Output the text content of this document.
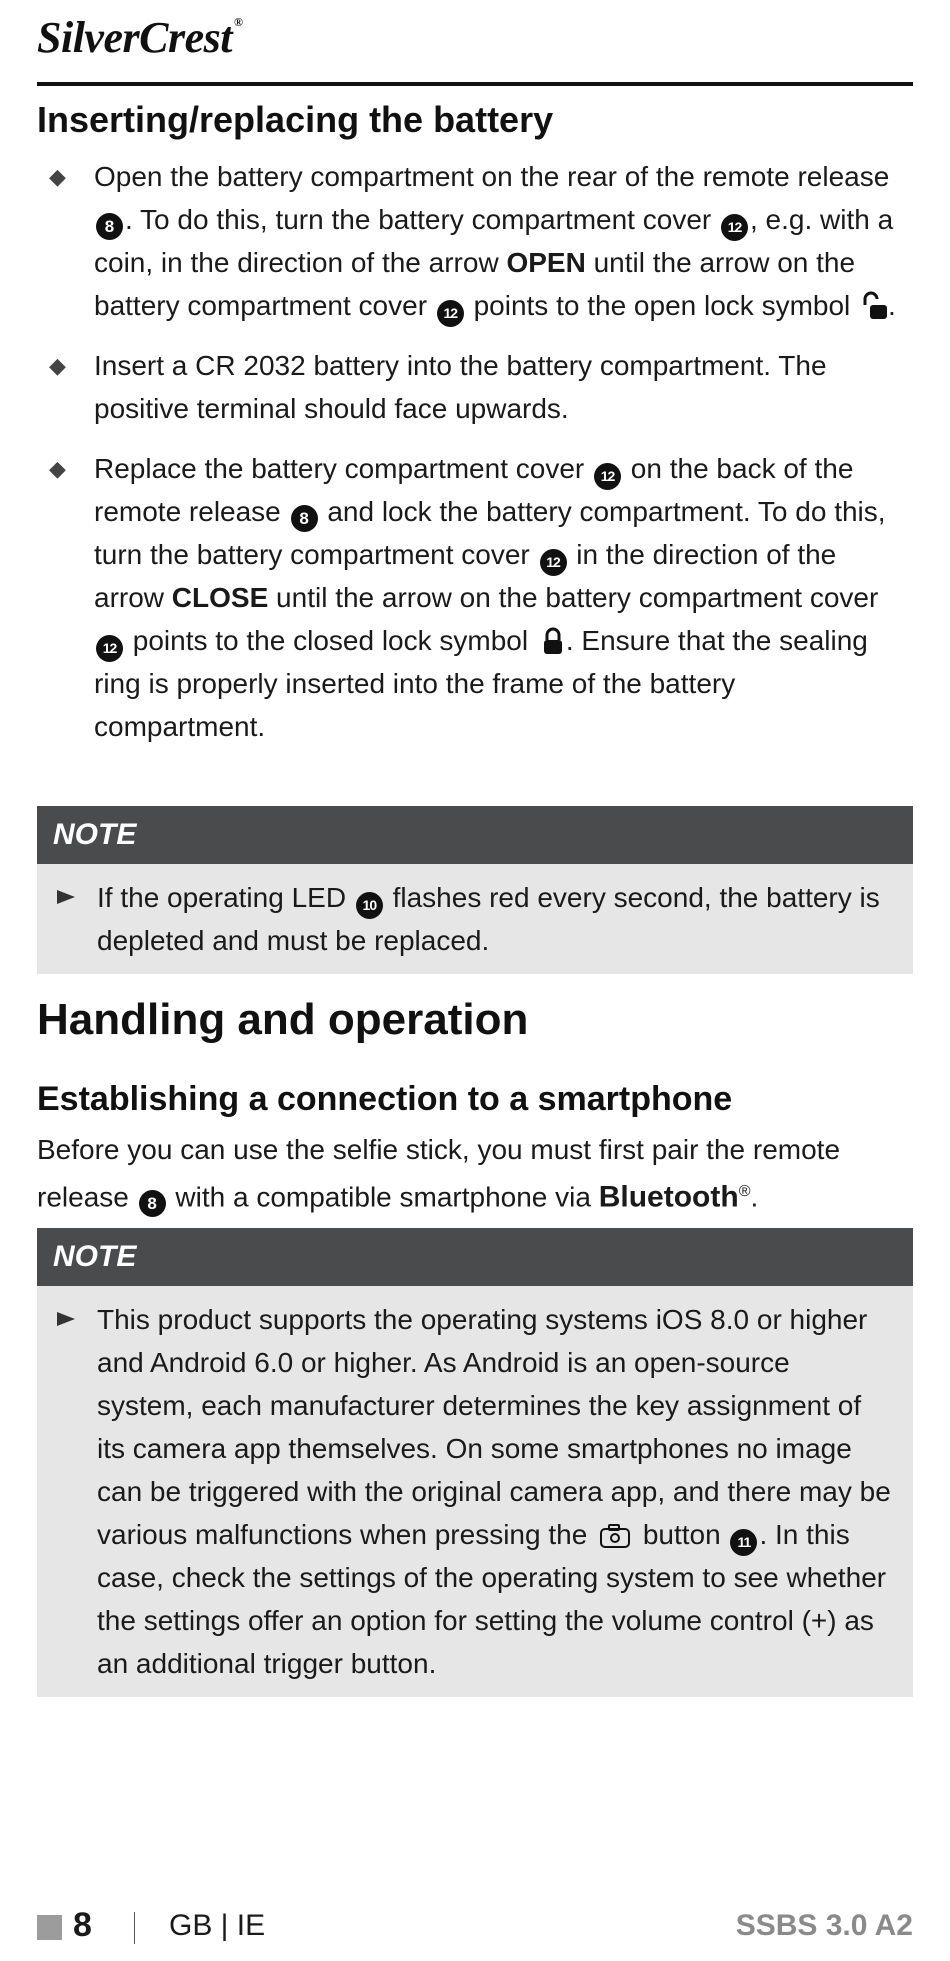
SilverCrest ®
Inserting/replacing the battery
◆ Open the battery compartment on the rear of the remote release 8 . To do this, turn the battery compartment cover 12 , e.g. with a coin, in the direction of the arrow OPEN until the arrow on the battery compartment cover 12 points to the open lock symbol .
◆ Insert a CR 2032 battery into the battery compartment. The positive terminal should face upwards.
◆ Replace the battery compartment cover 12 on the back of the remote release 8 and lock the battery compartment. To do this, turn the battery compartment cover 12 in the direction of the arrow CLOSE until the arrow on the battery compartment cover 12 points to the closed lock symbol . Ensure that the sealing ring is properly inserted into the frame of the battery compartment.
NOTE
If the operating LED 10 flashes red every second, the battery is depleted and must be replaced.
Handling and operation
Establishing a connection to a smartphone
Before you can use the selfie stick, you must first pair the remote release 8 with a compatible smartphone via Bluetooth®.
NOTE
This product supports the operating systems iOS 8.0 or higher and Android 6.0 or higher. As Android is an open-source system, each manufacturer determines the key assignment of its camera app themselves. On some smartphones no image can be triggered with the original camera app, and there may be various malfunctions when pressing the  button 11 . In this case, check the settings of the operating system to see whether the settings offer an option for setting the volume control (+) as an additional trigger button.
8	GB | IE	SSBS 3.0 A2
